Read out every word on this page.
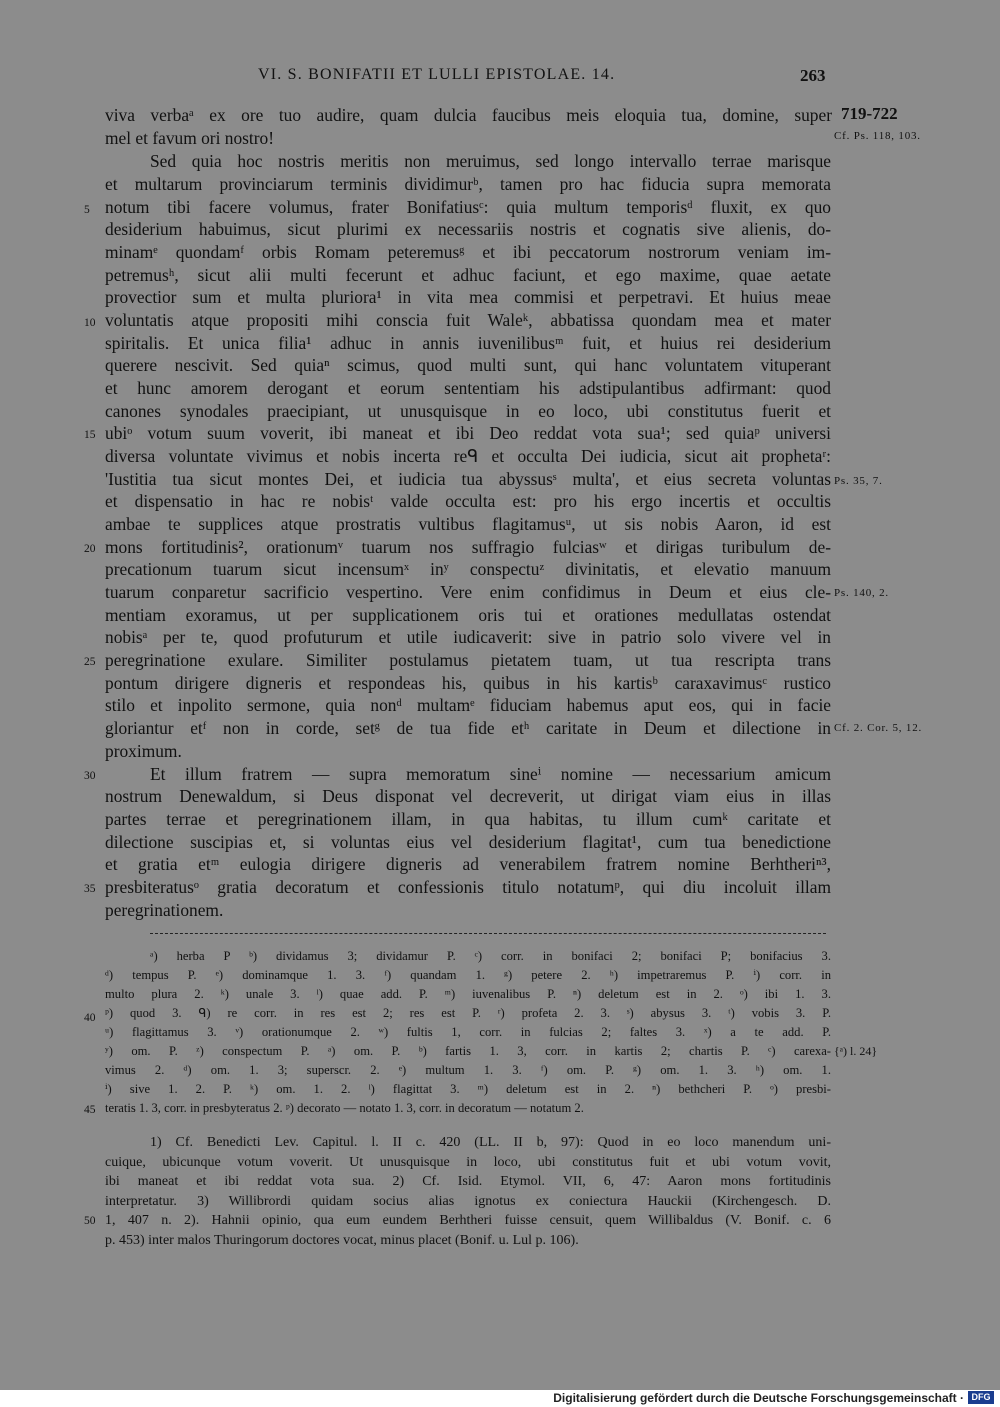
VI. S. BONIFATII ET LULLI EPISTOLAE. 14.	263
719-722
Cf. Ps. 118, 103.
Ps. 35, 7.
Ps. 140, 2.
Cf. 2. Cor. 5, 12.
5
10
15
20
25
30
35
40
45
50
viva verbaᵃ ex ore tuo audire, quam dulcia faucibus meis eloquia tua, domine, super
mel et favum ori nostro!
Sed quia hoc nostris meritis non meruimus, sed longo intervallo terrae marisque
et multarum provinciarum terminis dividimurᵇ, tamen pro hac fiducia supra memorata
notum tibi facere volumus, frater Bonifatiusᶜ: quia multum temporisᵈ fluxit, ex quo
desiderium habuimus, sicut plurimi ex necessariis nostris et cognatis sive alienis, do-
minamᵉ quondamᶠ orbis Romam peteremusᵍ et ibi peccatorum nostrorum veniam im-
petremusʰ, sicut alii multi fecerunt et adhuc faciunt, et ego maxime, quae aetate
provectior sum et multa pluriora¹ in vita mea commisi et perpetravi. Et huius meae
voluntatis atque propositi mihi conscia fuit Waleᵏ, abbatissa quondam mea et mater
spiritalis. Et unica filia¹ adhuc in annis iuvenilibusᵐ fuit, et huius rei desiderium
querere nescivit. Sed quiaⁿ scimus, quod multi sunt, qui hanc voluntatem vituperant
et hunc amorem derogant et eorum sententiam his adstipulantibus adfirmant: quod
canones synodales praecipiant, ut unusquisque in eo loco, ubi constitutus fuerit et
ubiᵒ votum suum voverit, ibi maneat et ibi Deo reddat vota sua¹; sed quiaᵖ universi
diversa voluntate vivimus et nobis incerta reᑫ et occulta Dei iudicia, sicut ait prophetaʳ:
'Iustitia tua sicut montes Dei, et iudicia tua abyssusˢ multa', et eius secreta voluntas
et dispensatio in hac re nobisᵗ valde occulta est: pro his ergo incertis et occultis
ambae te supplices atque prostratis vultibus flagitamusᵘ, ut sis nobis Aaron, id est
mons fortitudinis², orationumᵛ tuarum nos suffragio fulciasʷ et dirigas turibulum de-
precationum tuarum sicut incensumˣ inʸ conspectuᶻ divinitatis, et elevatio manuum
tuarum conparetur sacrificio vespertino. Vere enim confidimus in Deum et eius cle-
mentiam exoramus, ut per supplicationem oris tui et orationes medullatas ostendat
nobisᵃ per te, quod profuturum et utile iudicaverit: sive in patrio solo vivere vel in
peregrinatione exulare. Similiter postulamus pietatem tuam, ut tua rescripta trans
pontum dirigere digneris et respondeas his, quibus in his kartisᵇ caraxavimusᶜ rustico
stilo et inpolito sermone, quia nonᵈ multamᵉ fiduciam habemus aput eos, qui in facie
gloriantur etᶠ non in corde, setᵍ de tua fide etʰ caritate in Deum et dilectione in
proximum.
Et illum fratrem — supra memoratum sineⁱ nomine — necessarium amicum
nostrum Denewaldum, si Deus disponat vel decreverit, ut dirigat viam eius in illas
partes terrae et peregrinationem illam, in qua habitas, tu illum cumᵏ caritate et
dilectione suscipias et, si voluntas eius vel desiderium flagitat¹, cum tua benedictione
et gratia etᵐ eulogia dirigere digneris ad venerabilem fratrem nomine Berhtheriⁿ³,
presbiteratusᵒ gratia decoratum et confessionis titulo notatumᵖ, qui diu incoluit illam
peregrinationem.
ᵃ) herba P ᵇ) dividamus 3; dividamur P. ᶜ) corr. in bonifaci 2; bonifaci P; bonifacius 3.
ᵈ) tempus P. ᵉ) dominamque 1. 3. ᶠ) quandam 1. ᵍ) petere 2. ʰ) impetraremus P. ⁱ) corr. in
multo plura 2. ᵏ) unale 3. ˡ) quae add. P. ᵐ) iuvenalibus P. ⁿ) deletum est in 2. ᵒ) ibi 1. 3.
ᵖ) quod 3. ᑫ) re corr. in res est 2; res est P. ʳ) profeta 2. 3. ˢ) abysus 3. ᵗ) vobis 3. P.
ᵘ) flagittamus 3. ᵛ) orationumque 2. ʷ) fultis 1, corr. in fulcias 2; faltes 3. ˣ) a te add. P.
ʸ) om. P. ᶻ) conspectum P. ᵃ) om. P. ᵇ) fartis 1. 3, corr. in kartis 2; chartis P. ᶜ) carexa-
vimus 2. ᵈ) om. 1. 3; superscr. 2. ᵉ) multum 1. 3. ᶠ) om. P. ᵍ) om. 1. 3. ʰ) om. 1.
ⁱ) sive 1. 2. P. ᵏ) om. 1. 2. ˡ) flagittat 3. ᵐ) deletum est in 2. ⁿ) bethcheri P. ᵒ) presbi-
teratis 1. 3, corr. in presbyteratus 2. ᵖ) decorato — notato 1. 3, corr. in decoratum — notatum 2.
{ᵃ) l. 24}
1) Cf. Benedicti Lev. Capitul. l. II c. 420 (LL. II b, 97): Quod in eo loco manendum uni-
cuique, ubicunque votum voverit. Ut unusquisque in loco, ubi constitutus fuit et ubi votum vovit,
ibi maneat et ibi reddat vota sua. 2) Cf. Isid. Etymol. VII, 6, 47: Aaron mons fortitudinis
interpretatur. 3) Willibrordi quidam socius alias ignotus ex coniectura Hauckii (Kirchengesch. D.
1, 407 n. 2). Hahnii opinio, qua eum eundem Berhtheri fuisse censuit, quem Willibaldus (V. Bonif. c. 6
p. 453) inter malos Thuringorum doctores vocat, minus placet (Bonif. u. Lul p. 106).
Digitalisierung gefördert durch die Deutsche Forschungsgemeinschaft · DFG
